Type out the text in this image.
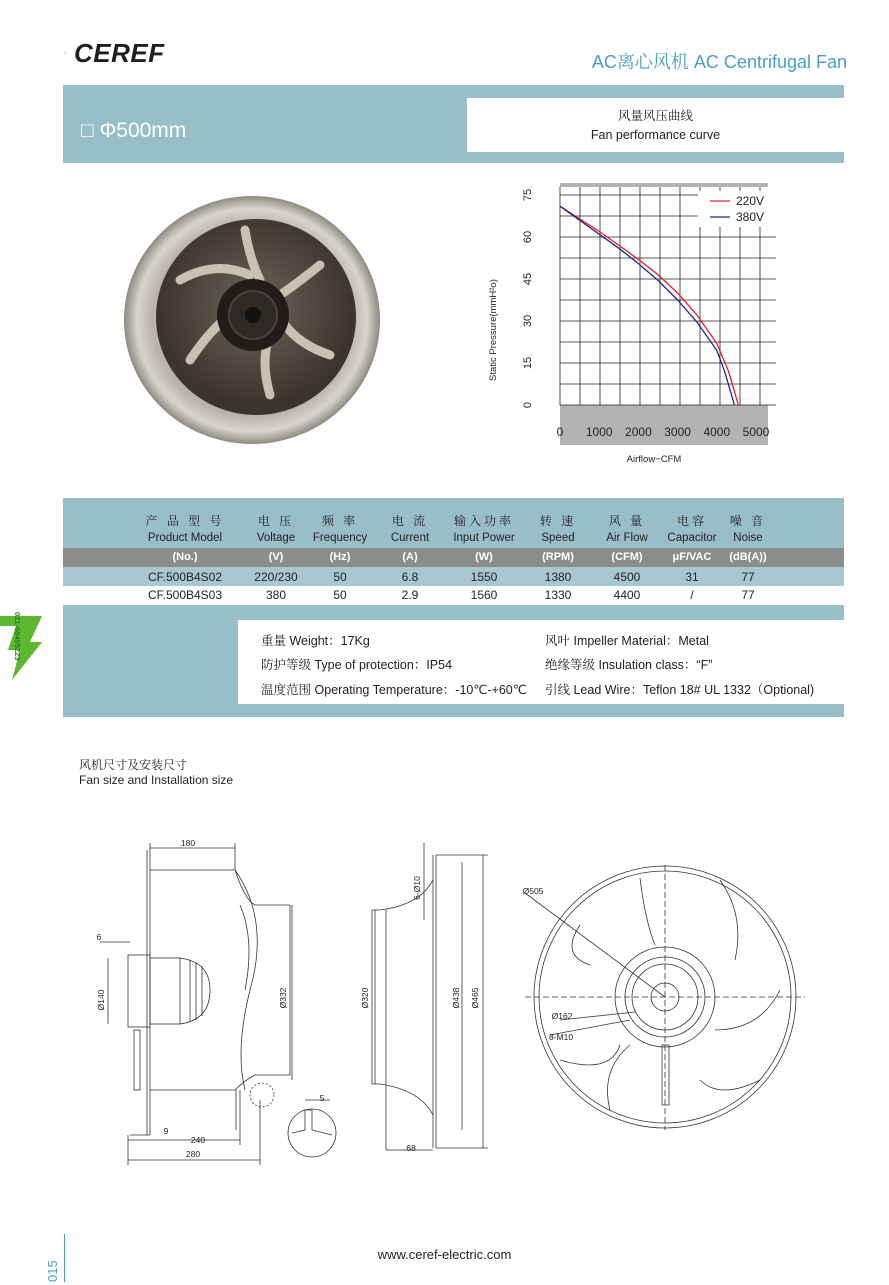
CEREF	AC离心风机 AC Centrifugal Fan
□ Φ500mm
风量风压曲线
Fan performance curve
0
15
30
45
60
75
0 1000 2000 3000 4000 5000
220V
380V
Static Pressure(mmH²o)
Airflow−CFM
产 品 型 号	电 压	频 率	电 流	输入功率	转 速	风 量	电容	噪 音
Product Model	Voltage	Frequency	Current	Input Power	Speed	Air Flow	Capacitor	Noise
(No.)	(V)	(Hz)	(A)	(W)	(RPM)	(CFM)	μF/VAC	(dB(A))
CF.500B4S02	220/230	50	6.8	1550	1380	4500	31	77
CF.500B4S03	380	50	2.9	1560	1330	4400	/	77
重量 Weight：17Kg	风叶 Impeller Material：Metal
防护等级 Type of protection：IP54	绝缘等级 Insulation class：“F”
温度范围 Operating Temperature：-10℃-+60℃ 引线 Lead Wire：Teflon 18# UL 1332（Optional)
021-68405223
风机尺寸及安装尺寸
Fan size and Installation size
180
6
Ø140	Ø332
9
240
280
5
6-Ø10
Ø320	Ø438 Ø465
68
Ø505
Ø162
8-M10
www.ceref-electric.com
015
